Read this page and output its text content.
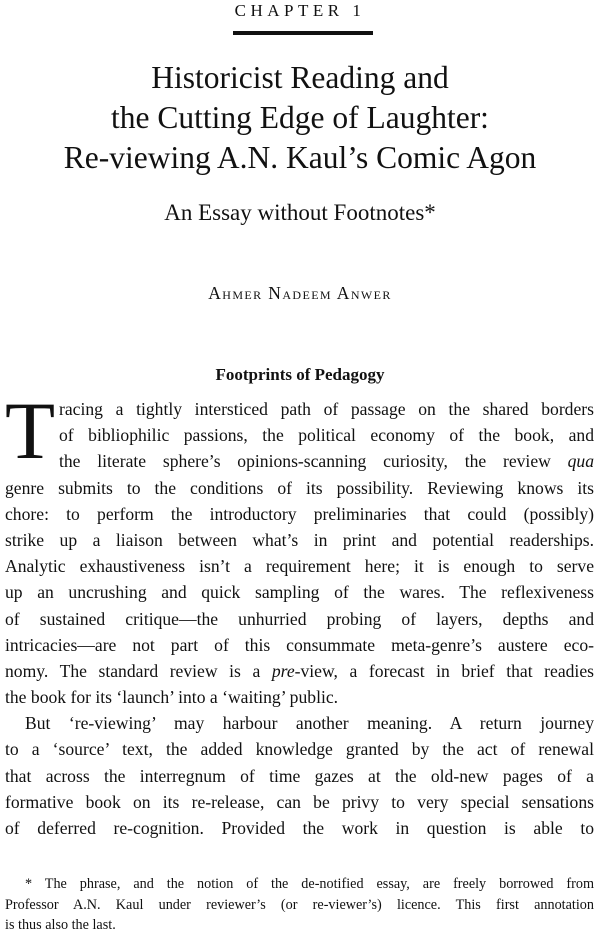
CHAPTER 1
Historicist Reading and
the Cutting Edge of Laughter:
Re-viewing A.N. Kaul’s Comic Agon
An Essay without Footnotes*
Ahmer Nadeem Anwer
Footprints of Pedagogy
T racing a tightly intersticed path of passage on the shared borders
of bibliophilic passions, the political economy of the book, and
the literate sphere’s opinions-scanning curiosity, the review qua
genre submits to the conditions of its possibility. Reviewing knows its
chore: to perform the introductory preliminaries that could (possibly)
strike up a liaison between what’s in print and potential readerships.
Analytic exhaustiveness isn’t a requirement here; it is enough to serve
up an uncrushing and quick sampling of the wares. The reflexiveness
of sustained critique—the unhurried probing of layers, depths and
intricacies—are not part of this consummate meta-genre’s austere eco-
nomy. The standard review is a pre-view, a forecast in brief that readies
the book for its ‘launch’ into a ‘waiting’ public.
But ‘re-viewing’ may harbour another meaning. A return journey
to a ‘source’ text, the added knowledge granted by the act of renewal
that across the interregnum of time gazes at the old-new pages of a
formative book on its re-release, can be privy to very special sensations
of deferred re-cognition. Provided the work in question is able to
* The phrase, and the notion of the de-notified essay, are freely borrowed from
Professor A.N. Kaul under reviewer’s (or re-viewer’s) licence. This first annotation
is thus also the last.
